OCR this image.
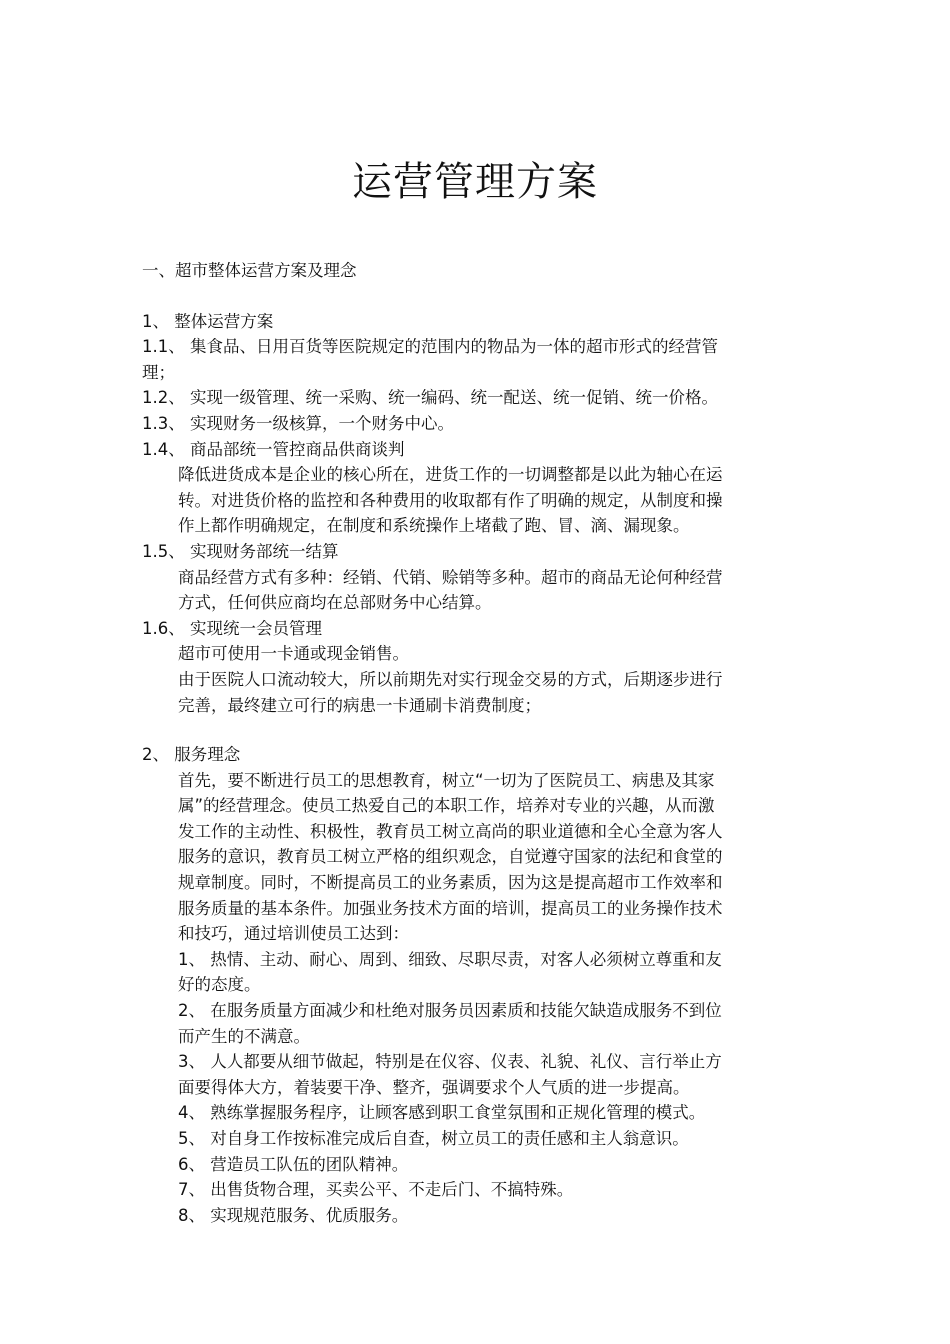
运营管理方案

一、超市整体运营方案及理念

1、 整体运营方案

1.1、 集食品、日用百货等医院规定的范围内的物品为一体的超市形式的经营管

理；

1.2、 实现一级管理、统一采购、统一编码、统一配送、统一促销、统一价格。

1.3、 实现财务一级核算，一个财务中心。

1.4、 商品部统一管控商品供商谈判

降低进货成本是企业的核心所在，进货工作的一切调整都是以此为轴心在运

转。对进货价格的监控和各种费用的收取都有作了明确的规定，从制度和操

作上都作明确规定，在制度和系统操作上堵截了跑、冒、滴、漏现象。

1.5、 实现财务部统一结算

商品经营方式有多种：经销、代销、赊销等多种。超市的商品无论何种经营

方式，任何供应商均在总部财务中心结算。

1.6、 实现统一会员管理

超市可使用一卡通或现金销售。

由于医院人口流动较大，所以前期先对实行现金交易的方式，后期逐步进行

完善，最终建立可行的病患一卡通刷卡消费制度；

2、 服务理念

首先，要不断进行员工的思想教育，树立“一切为了医院员工、病患及其家

属”的经营理念。使员工热爱自己的本职工作，培养对专业的兴趣，从而激

发工作的主动性、积极性，教育员工树立高尚的职业道德和全心全意为客人

服务的意识，教育员工树立严格的组织观念，自觉遵守国家的法纪和食堂的

规章制度。同时，不断提高员工的业务素质，因为这是提高超市工作效率和

服务质量的基本条件。加强业务技术方面的培训，提高员工的业务操作技术

和技巧，通过培训使员工达到：

1、 热情、主动、耐心、周到、细致、尽职尽责，对客人必须树立尊重和友

好的态度。

2、 在服务质量方面减少和杜绝对服务员因素质和技能欠缺造成服务不到位

而产生的不满意。

3、 人人都要从细节做起，特别是在仪容、仪表、礼貌、礼仪、言行举止方

面要得体大方，着装要干净、整齐，强调要求个人气质的进一步提高。

4、 熟练掌握服务程序，让顾客感到职工食堂氛围和正规化管理的模式。

5、 对自身工作按标准完成后自查，树立员工的责任感和主人翁意识。

6、 营造员工队伍的团队精神。

7、 出售货物合理，买卖公平、不走后门、不搞特殊。

8、 实现规范服务、优质服务。
